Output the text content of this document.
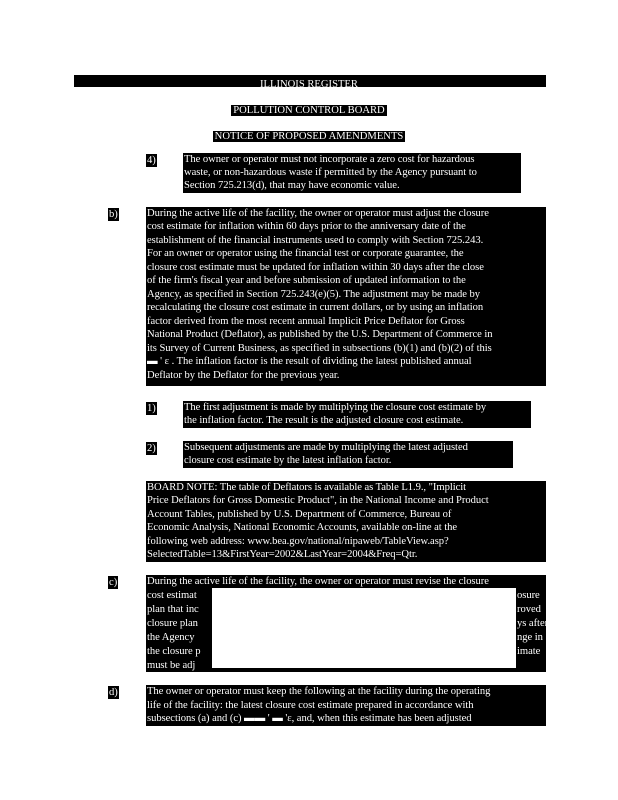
ILLINOIS REGISTER
POLLUTION CONTROL BOARD
NOTICE OF PROPOSED AMENDMENTS
4)	The owner or operator must not incorporate a zero cost for hazardous
waste, or non-hazardous waste if permitted by the Agency pursuant to
Section 725.213(d), that may have economic value.
b)	During the active life of the facility, the owner or operator must adjust the closure
cost estimate for inflation within 60 days prior to the anniversary date of the
establishment of the financial instruments used to comply with Section 725.243.
For an owner or operator using the financial test or corporate guarantee, the
closure cost estimate must be updated for inflation within 30 days after the close
of the firm's fiscal year and before submission of updated information to the
Agency, as specified in Section 725.243(e)(5). The adjustment may be made by
recalculating the closure cost estimate in current dollars, or by using an inflation
factor derived from the most recent annual Implicit Price Deflator for Gross
National Product (Deflator), as published by the U.S. Department of Commerce in
its Survey of Current Business, as specified in subsections (b)(1) and (b)(2) of this
▬ ' ɛ . The inflation factor is the result of dividing the latest published annual
Deflator by the Deflator for the previous year.
1)	The first adjustment is made by multiplying the closure cost estimate by
the inflation factor. The result is the adjusted closure cost estimate.
2)	Subsequent adjustments are made by multiplying the latest adjusted
closure cost estimate by the latest inflation factor.
BOARD NOTE: The table of Deflators is available as Table L1.9., "Implicit
Price Deflators for Gross Domestic Product", in the National Income and Product
Account Tables, published by U.S. Department of Commerce, Bureau of
Economic Analysis, National Economic Accounts, available on-line at the
following web address: www.bea.gov/national/nipaweb/TableView.asp?
SelectedTable=13&FirstYear=2002&LastYear=2004&Freq=Qtr.
c)	During the active life of the facility, the owner or operator must revise the closure
cost estimat
plan that inc
closure plan
the Agency
the closure p
must be adj
osure
roved
ys after
nge in
imate
d)	The owner or operator must keep the following at the facility during the operating
life of the facility: the latest closure cost estimate prepared in accordance with
subsections (a) and (c) ▬▬ ' ▬ 'ɛ, and, when this estimate has been adjusted
